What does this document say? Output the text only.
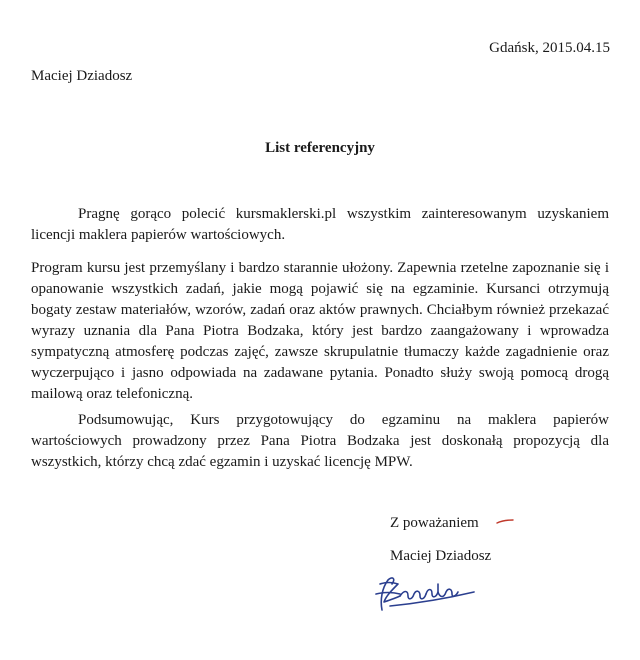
Gdańsk, 2015.04.15
Maciej Dziadosz
List referencyjny

Pragnę gorąco polecić kursmaklerski.pl wszystkim zainteresowanym uzyskaniem licencji maklera papierów wartościowych.

Program kursu jest przemyślany i bardzo starannie ułożony. Zapewnia rzetelne zapoznanie się i opanowanie wszystkich zadań, jakie mogą pojawić się na egzaminie. Kursanci otrzymują bogaty zestaw materiałów, wzorów, zadań oraz aktów prawnych. Chciałbym również przekazać wyrazy uznania dla Pana Piotra Bodzaka, który jest bardzo zaangażowany i wprowadza sympatyczną atmosferę podczas zajęć, zawsze skrupulatnie tłumaczy każde zagadnienie oraz wyczerpująco i jasno odpowiada na zadawane pytania. Ponadto służy swoją pomocą drogą mailową oraz telefoniczną.

Podsumowując, Kurs przygotowujący do egzaminu na maklera papierów wartościowych prowadzony przez Pana Piotra Bodzaka jest doskonałą propozycją dla wszystkich, którzy chcą zdać egzamin i uzyskać licencję MPW.

Z poważaniem
Maciej Dziadosz
